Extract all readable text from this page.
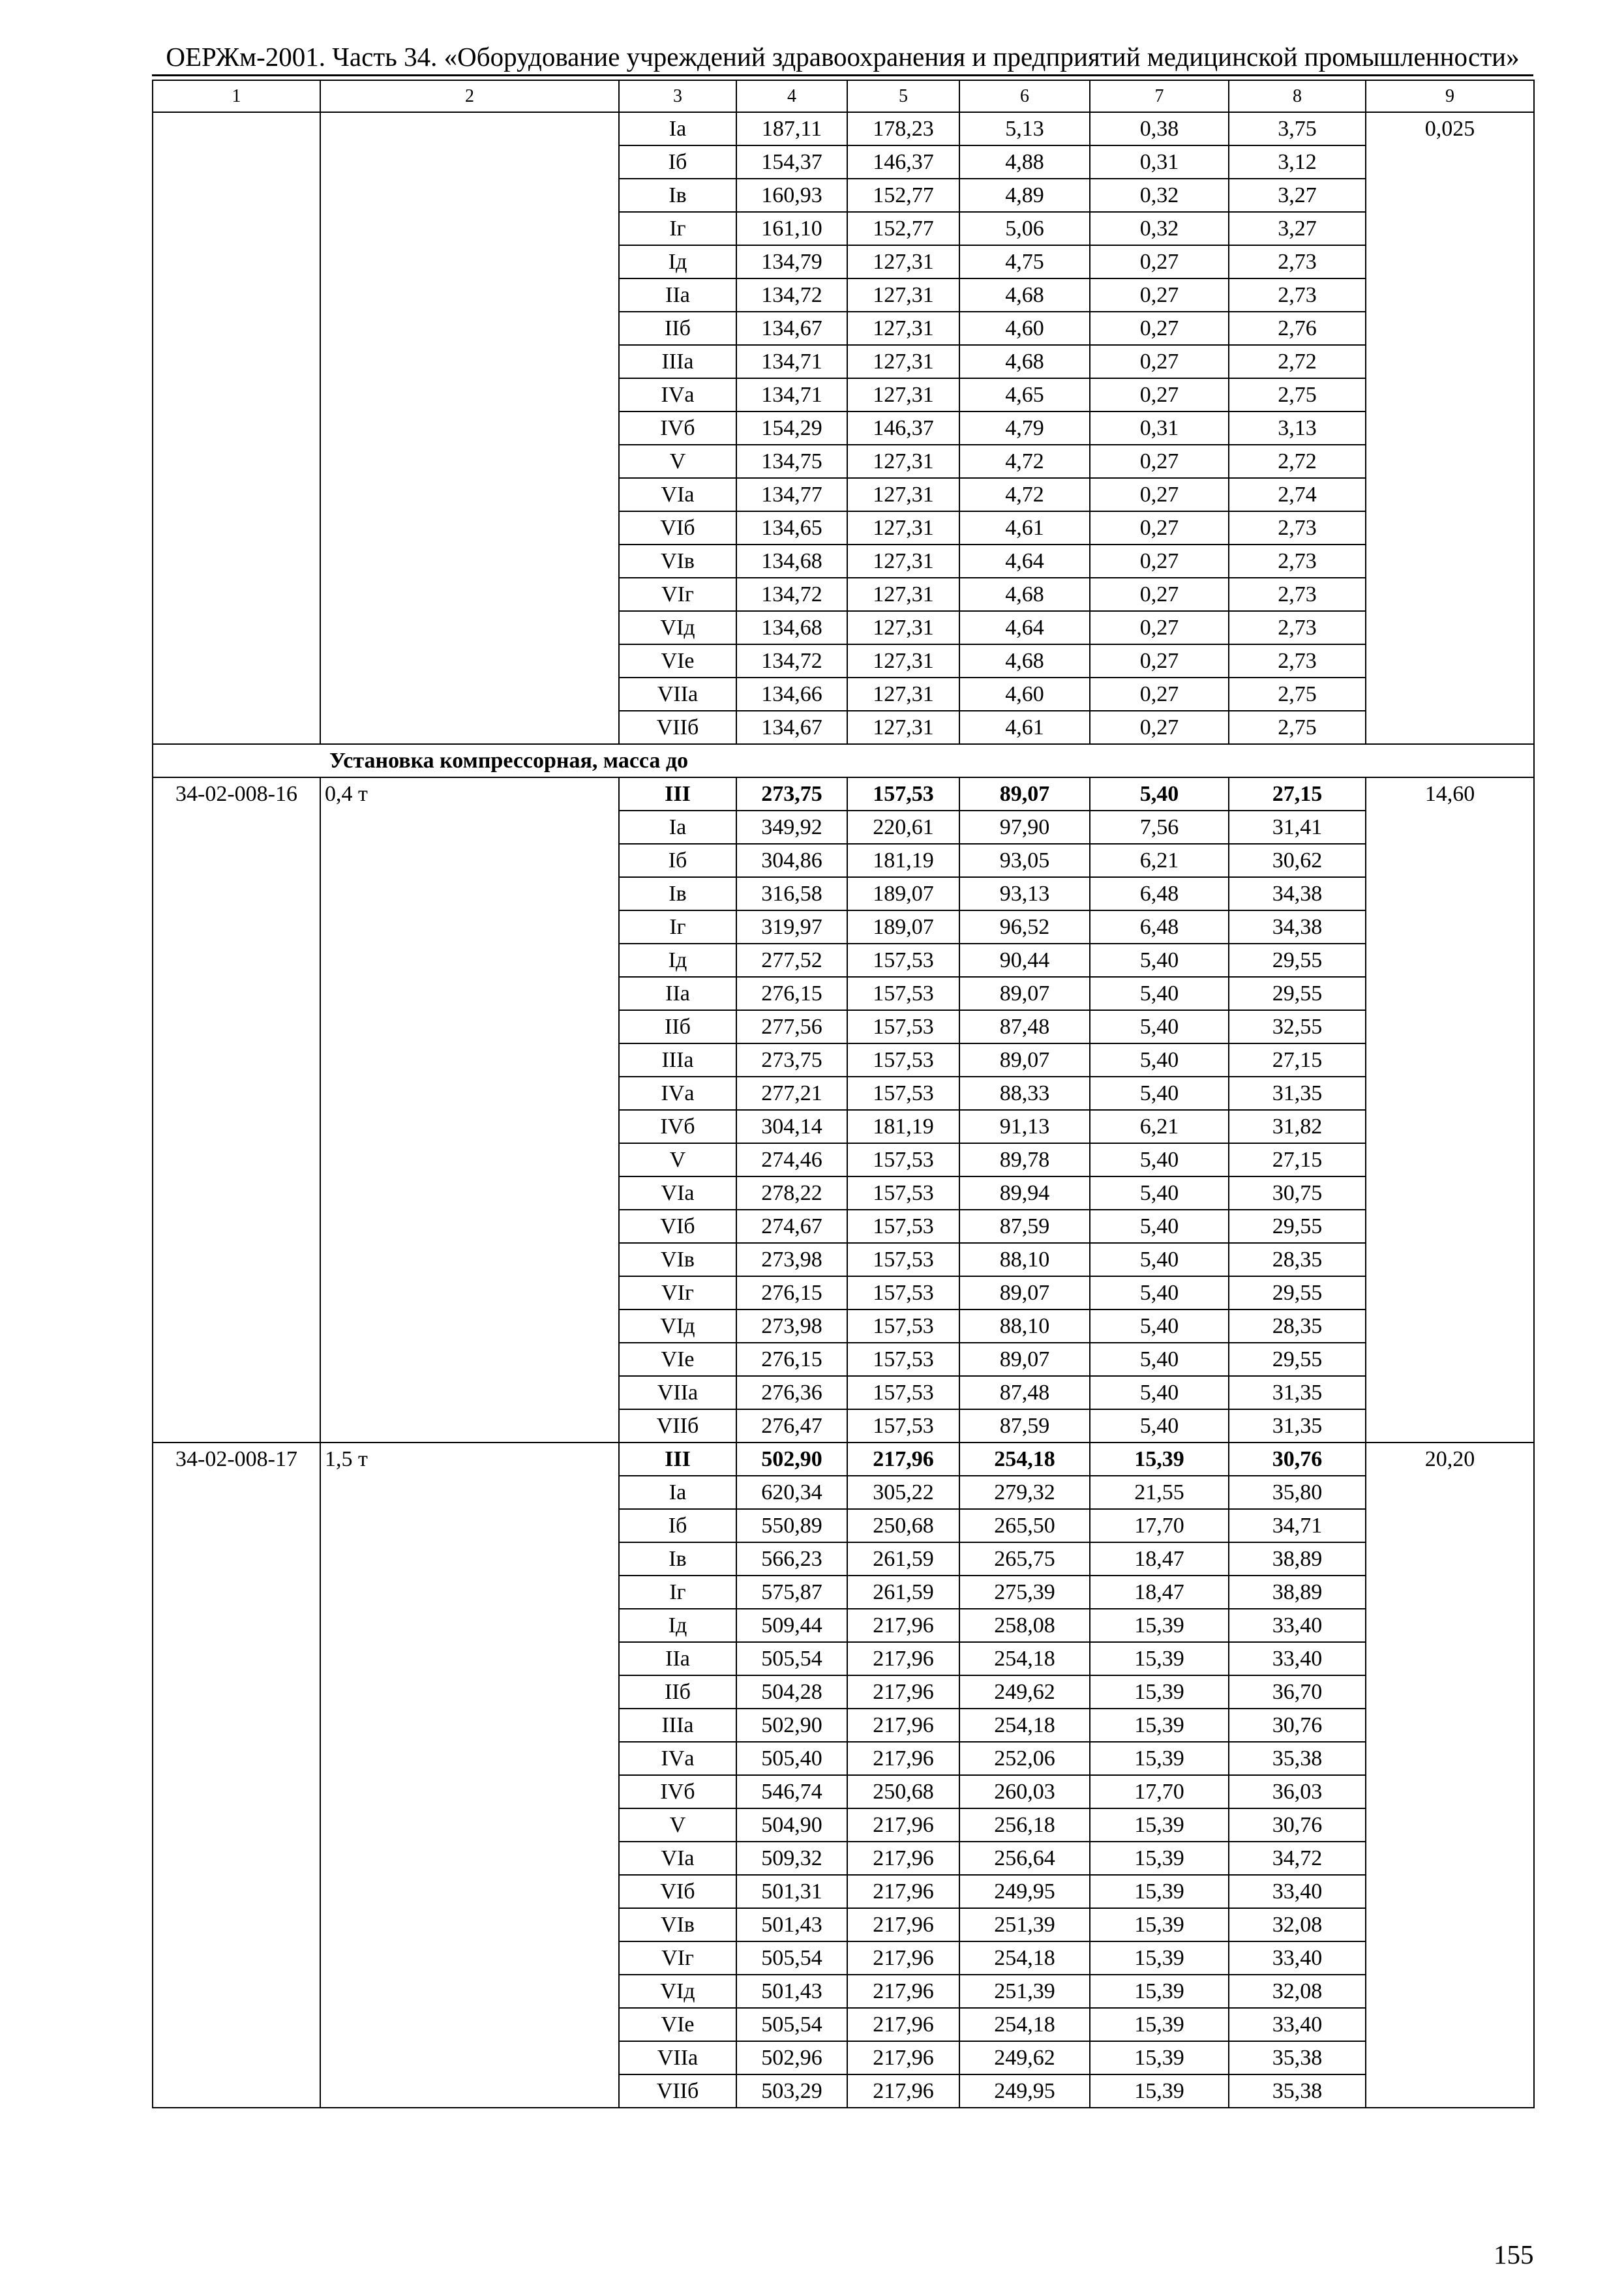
ОЕРЖм-2001. Часть 34. «Оборудование учреждений здравоохранения и предприятий медицинской промышленности»
1	2	3	4	5	6	7	8	9
		Iа	187,11	178,23	5,13	0,38	3,75	0,025
		Iб	154,37	146,37	4,88	0,31	3,12	
		Iв	160,93	152,77	4,89	0,32	3,27	
		Iг	161,10	152,77	5,06	0,32	3,27	
		Iд	134,79	127,31	4,75	0,27	2,73	
		IIа	134,72	127,31	4,68	0,27	2,73	
		IIб	134,67	127,31	4,60	0,27	2,76	
		IIIа	134,71	127,31	4,68	0,27	2,72	
		IVа	134,71	127,31	4,65	0,27	2,75	
		IVб	154,29	146,37	4,79	0,31	3,13	
		V	134,75	127,31	4,72	0,27	2,72	
		VIа	134,77	127,31	4,72	0,27	2,74	
		VIб	134,65	127,31	4,61	0,27	2,73	
		VIв	134,68	127,31	4,64	0,27	2,73	
		VIг	134,72	127,31	4,68	0,27	2,73	
		VIд	134,68	127,31	4,64	0,27	2,73	
		VIе	134,72	127,31	4,68	0,27	2,73	
		VIIа	134,66	127,31	4,60	0,27	2,75	
		VIIб	134,67	127,31	4,61	0,27	2,75	
Установка компрессорная, масса до								
34-02-008-16	0,4 т	III	273,75	157,53	89,07	5,40	27,15	14,60
		Iа	349,92	220,61	97,90	7,56	31,41	
		Iб	304,86	181,19	93,05	6,21	30,62	
		Iв	316,58	189,07	93,13	6,48	34,38	
		Iг	319,97	189,07	96,52	6,48	34,38	
		Iд	277,52	157,53	90,44	5,40	29,55	
		IIа	276,15	157,53	89,07	5,40	29,55	
		IIб	277,56	157,53	87,48	5,40	32,55	
		IIIа	273,75	157,53	89,07	5,40	27,15	
		IVа	277,21	157,53	88,33	5,40	31,35	
		IVб	304,14	181,19	91,13	6,21	31,82	
		V	274,46	157,53	89,78	5,40	27,15	
		VIа	278,22	157,53	89,94	5,40	30,75	
		VIб	274,67	157,53	87,59	5,40	29,55	
		VIв	273,98	157,53	88,10	5,40	28,35	
		VIг	276,15	157,53	89,07	5,40	29,55	
		VIд	273,98	157,53	88,10	5,40	28,35	
		VIе	276,15	157,53	89,07	5,40	29,55	
		VIIа	276,36	157,53	87,48	5,40	31,35	
		VIIб	276,47	157,53	87,59	5,40	31,35	
34-02-008-17	1,5 т	III	502,90	217,96	254,18	15,39	30,76	20,20
		Iа	620,34	305,22	279,32	21,55	35,80	
		Iб	550,89	250,68	265,50	17,70	34,71	
		Iв	566,23	261,59	265,75	18,47	38,89	
		Iг	575,87	261,59	275,39	18,47	38,89	
		Iд	509,44	217,96	258,08	15,39	33,40	
		IIа	505,54	217,96	254,18	15,39	33,40	
		IIб	504,28	217,96	249,62	15,39	36,70	
		IIIа	502,90	217,96	254,18	15,39	30,76	
		IVа	505,40	217,96	252,06	15,39	35,38	
		IVб	546,74	250,68	260,03	17,70	36,03	
		V	504,90	217,96	256,18	15,39	30,76	
		VIа	509,32	217,96	256,64	15,39	34,72	
		VIб	501,31	217,96	249,95	15,39	33,40	
		VIв	501,43	217,96	251,39	15,39	32,08	
		VIг	505,54	217,96	254,18	15,39	33,40	
		VIд	501,43	217,96	251,39	15,39	32,08	
		VIе	505,54	217,96	254,18	15,39	33,40	
		VIIа	502,96	217,96	249,62	15,39	35,38	
		VIIб	503,29	217,96	249,95	15,39	35,38	
155
